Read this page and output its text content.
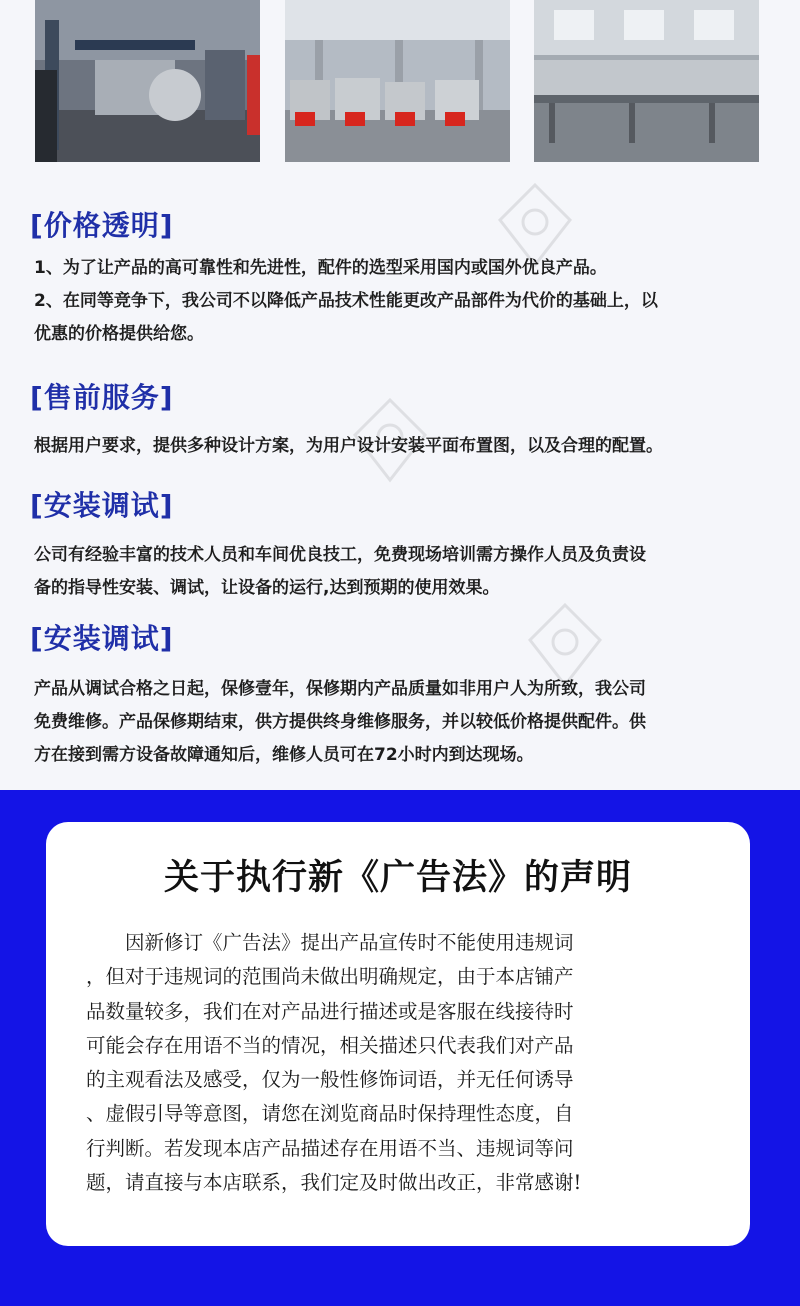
[价格透明]
1、为了让产品的高可靠性和先进性，配件的选型采用国内或国外优良产品。
2、在同等竞争下，我公司不以降低产品技术性能更改产品部件为代价的基础上，以
优惠的价格提供给您。
[售前服务]
根据用户要求，提供多种设计方案，为用户设计安装平面布置图，以及合理的配置。
[安装调试]
公司有经验丰富的技术人员和车间优良技工，免费现场培训需方操作人员及负责设
备的指导性安装、调试，让设备的运行,达到预期的使用效果。
[安装调试]
产品从调试合格之日起，保修壹年，保修期内产品质量如非用户人为所致，我公司
免费维修。产品保修期结束，供方提供终身维修服务，并以较低价格提供配件。供
方在接到需方设备故障通知后，维修人员可在72小时内到达现场。
关于执行新《广告法》的声明
　　因新修订《广告法》提出产品宣传时不能使用违规词
，但对于违规词的范围尚未做出明确规定，由于本店铺产
品数量较多，我们在对产品进行描述或是客服在线接待时
可能会存在用语不当的情况，相关描述只代表我们对产品
的主观看法及感受，仅为一般性修饰词语，并无任何诱导
、虚假引导等意图，请您在浏览商品时保持理性态度，自
行判断。若发现本店产品描述存在用语不当、违规词等问
题，请直接与本店联系，我们定及时做出改正，非常感谢!
